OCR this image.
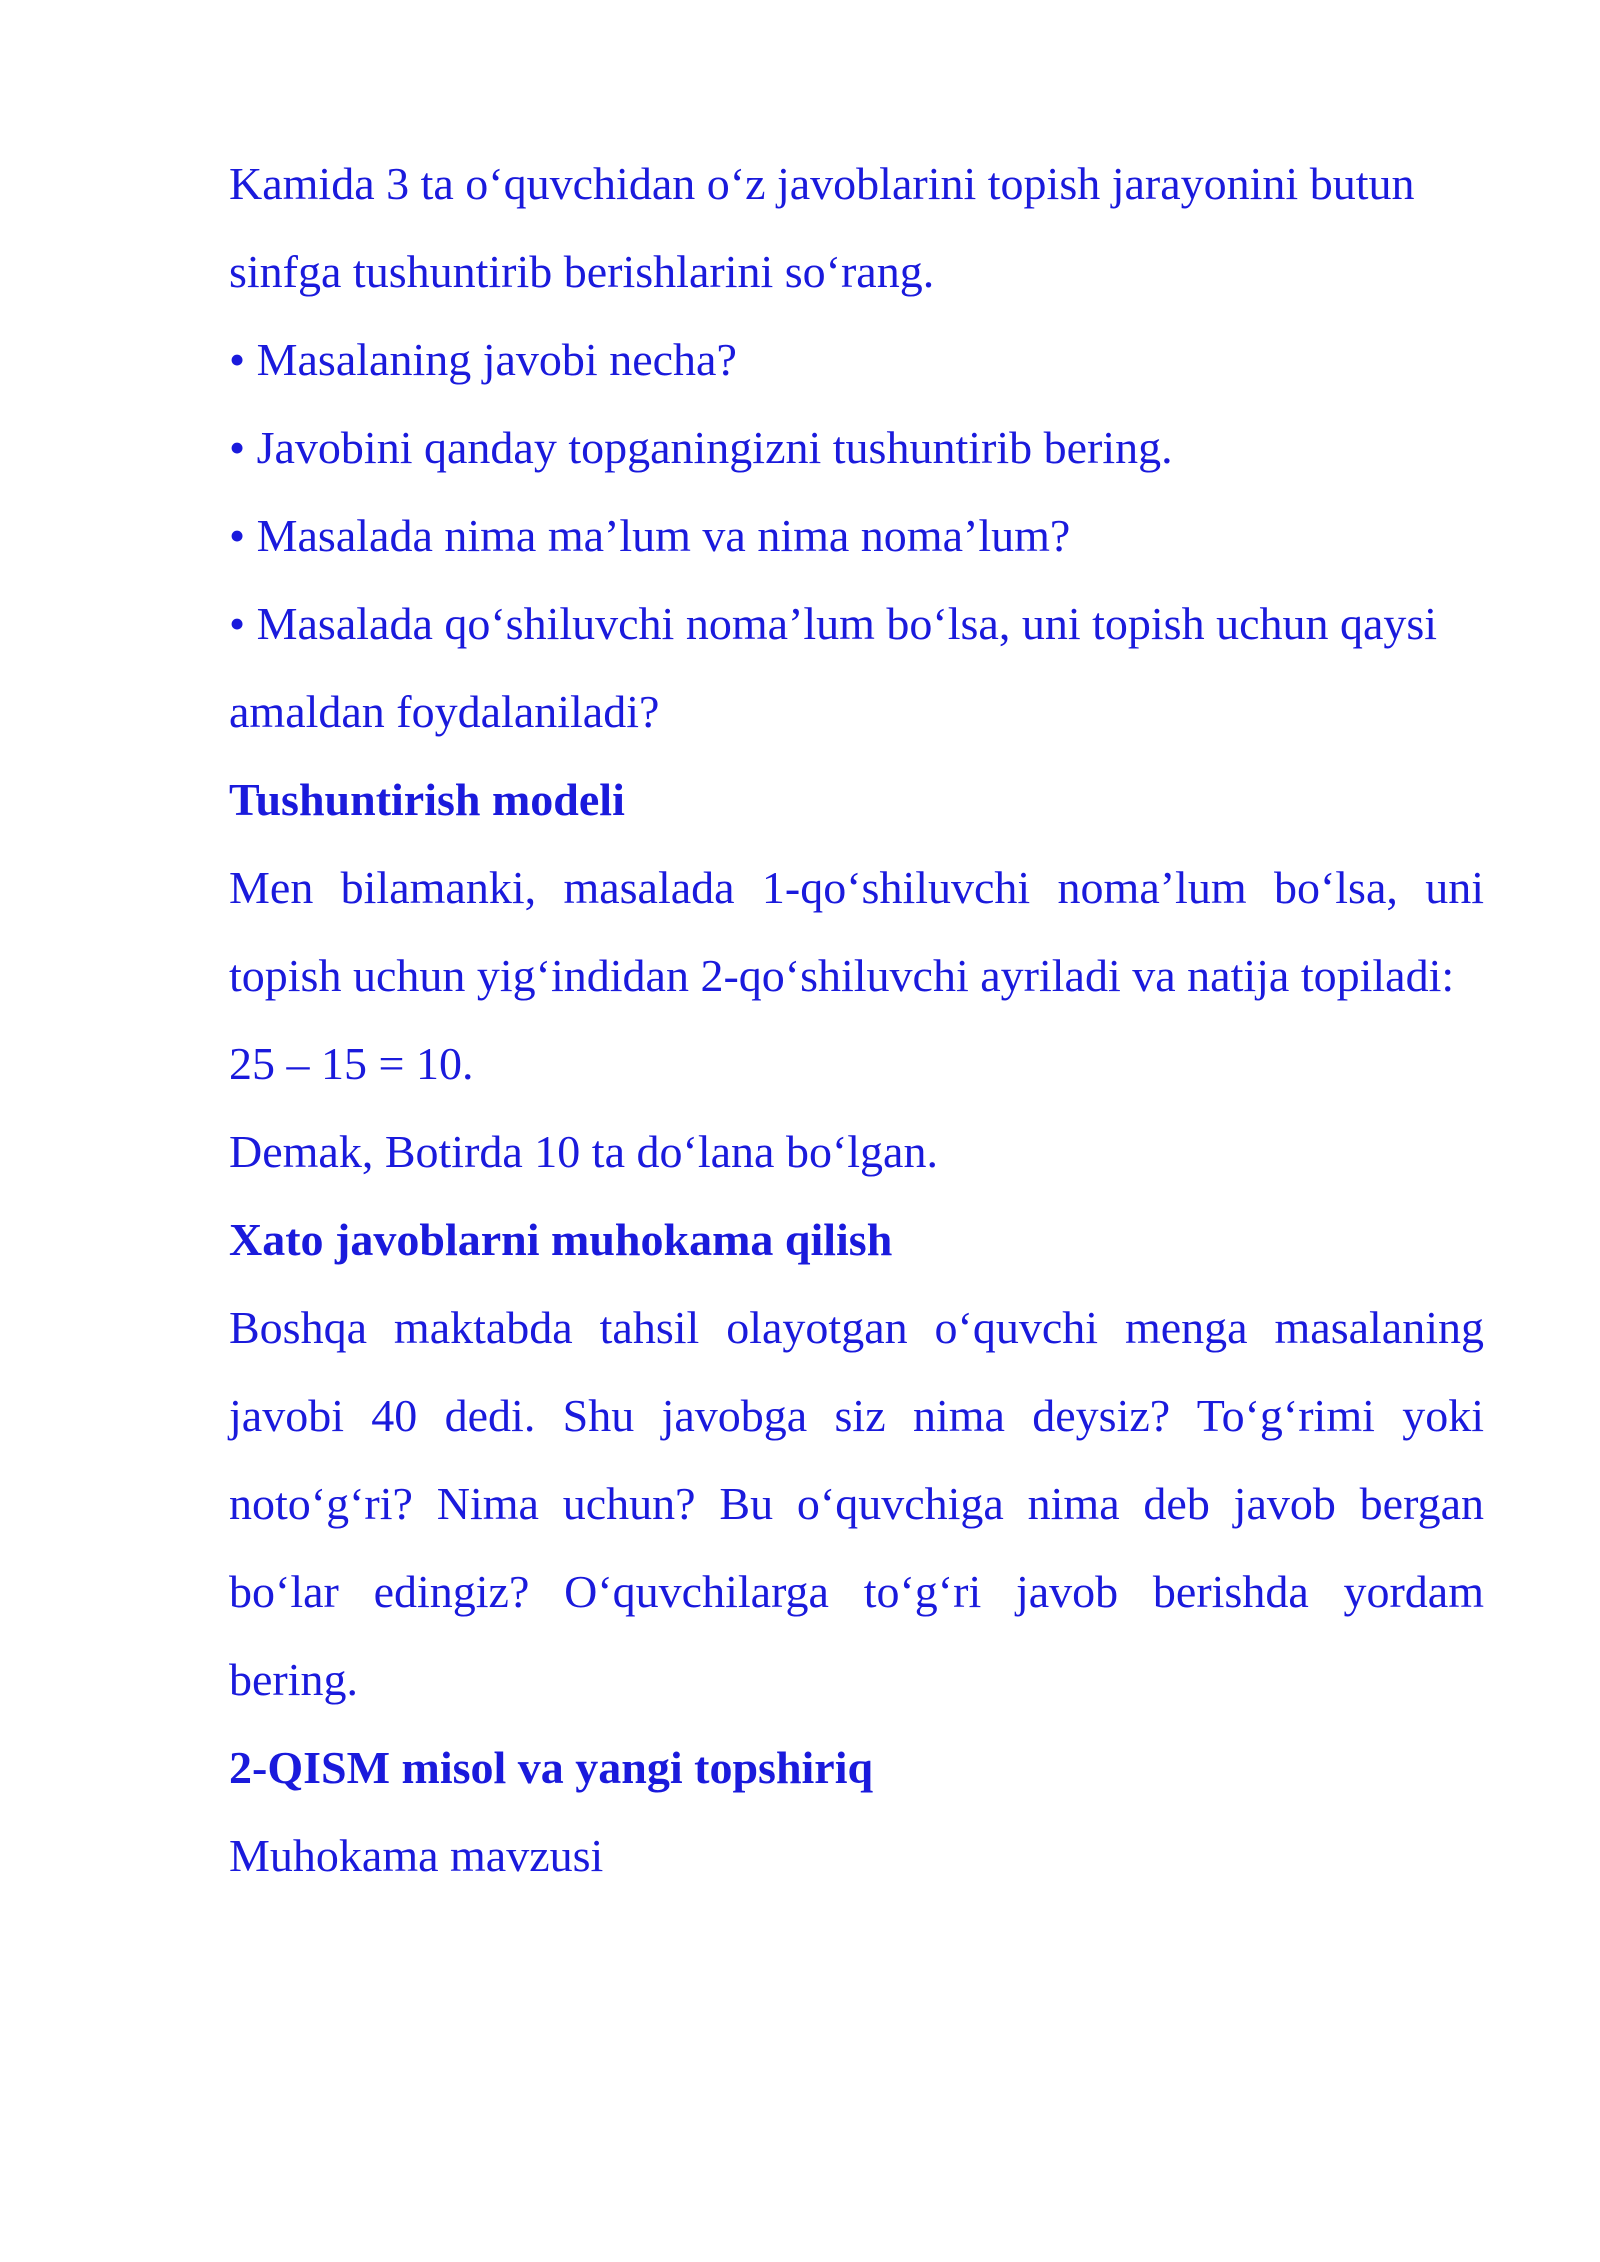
Kamida 3 ta o‘quvchidan o‘z javoblarini topish jarayonini butun sinfga tushuntirib berishlarini so‘rang.

• Masalaning javobi necha?

• Javobini qanday topganingizni tushuntirib bering.

• Masalada nima ma’lum va nima noma’lum?

• Masalada qo‘shiluvchi noma’lum bo‘lsa, uni topish uchun qaysi amaldan foydalaniladi?

Tushuntirish modeli

Men bilamanki, masalada 1-qo‘shiluvchi noma’lum bo‘lsa, uni topish uchun yig‘indidan 2-qo‘shiluvchi ayriladi va natija topiladi:

25 – 15 = 10.

Demak, Botirda 10 ta do‘lana bo‘lgan.

Xato javoblarni muhokama qilish

Boshqa maktabda tahsil olayotgan o‘quvchi menga masalaning javobi 40 dedi. Shu javobga siz nima deysiz? To‘g‘rimi yoki noto‘g‘ri? Nima uchun? Bu o‘quvchiga nima deb javob bergan bo‘lar edingiz? O‘quvchilarga to‘g‘ri javob berishda yordam bering.

2-QISM misol va yangi topshiriq

Muhokama mavzusi
